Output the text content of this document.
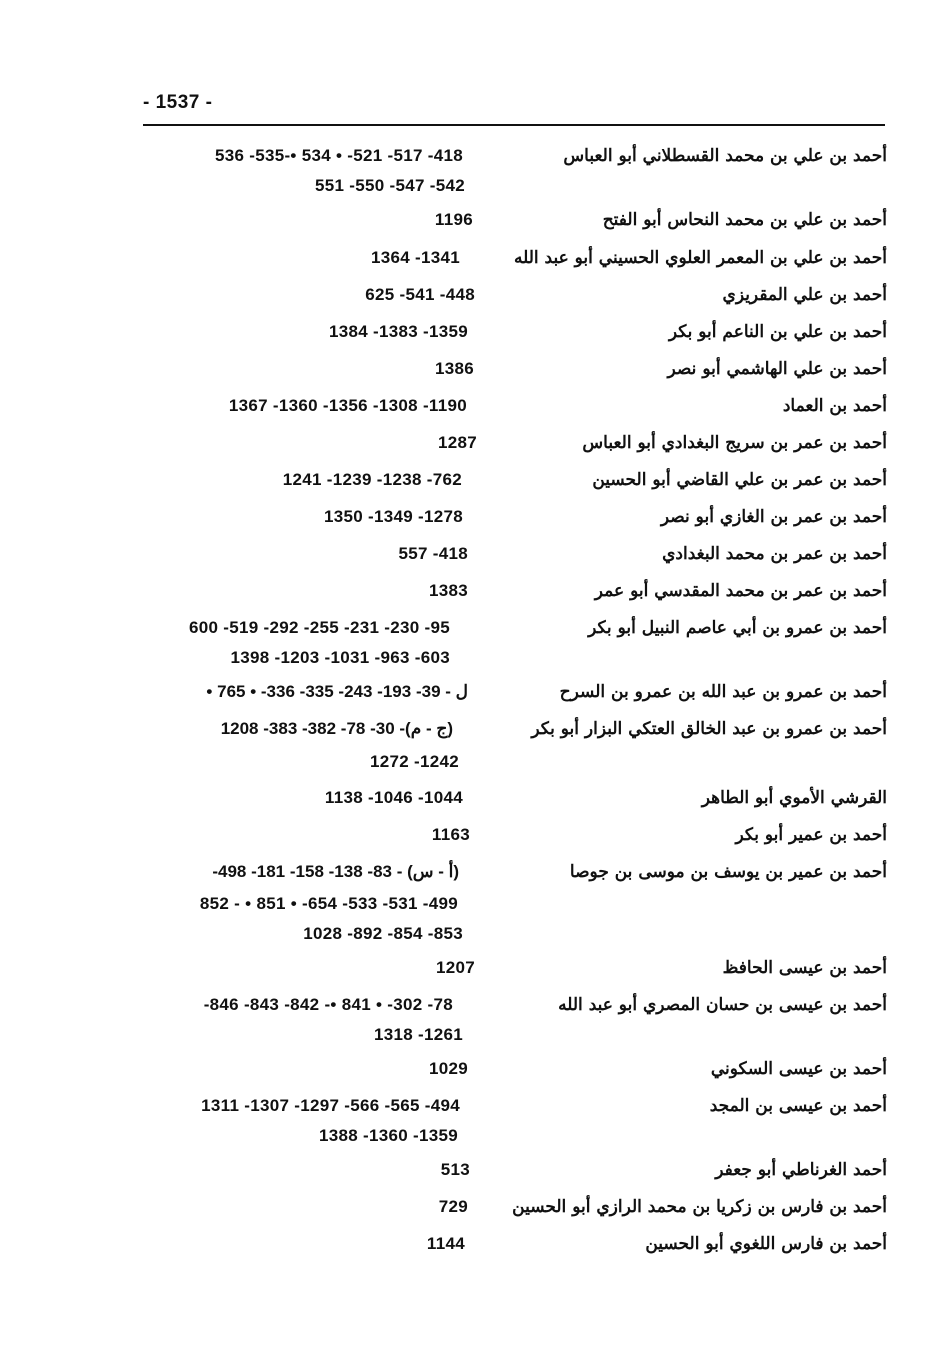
- 1537 -
أحمد بن علي بن محمد القسطلاني أبو العباس
418- 517- 521- • 534 •-535- 536
542- 547- 550- 551
أحمد بن علي بن محمد النحاس أبو الفتح
1196
أحمد بن علي بن المعمر العلوي الحسيني أبو عبد الله
1341- 1364
أحمد بن علي المقريزي
448- 541- 625
أحمد بن علي بن الناعم أبو بكر
1359- 1383- 1384
أحمد بن علي الهاشمي أبو نصر
1386
أحمد بن العماد
1190- 1308- 1356- 1360- 1367
أحمد بن عمر بن سريج البغدادي أبو العباس
1287
أحمد بن عمر بن علي القاضي أبو الحسين
762- 1238- 1239- 1241
أحمد بن عمر بن الغازي أبو نصر
1278- 1349- 1350
أحمد بن عمر بن محمد البغدادي
418- 557
أحمد بن عمر بن محمد المقدسي أبو عمر
1383
أحمد بن عمرو بن أبي عاصم النبيل أبو بكر
95- 230- 231- 255- 292- 519- 600
603- 963- 1031- 1203- 1398
أحمد بن عمرو بن عبد الله بن عمرو بن السرح
ل - 39- 193- 243- 335- 336- • 765 •
أحمد بن عمرو بن عبد الخالق العتكي البزار أبو بكر
(ج - م)- 30- 78- 382- 383- 1208
1242- 1272
القرشي الأموي أبو الطاهر
1044- 1046- 1138
أحمد بن عمير أبو بكر
1163
أحمد بن عمير بن يوسف بن موسى بن جوصا
(أ - س) - 83- 138- 158- 181- 498-
499- 531- 533- 654- • 851 • - 852
853- 854- 892- 1028
أحمد بن عيسى الحافظ
1207
أحمد بن عيسى بن حسان المصري أبو عبد الله
78- 302- • 841 •- 842- 843- 846-
1261- 1318
أحمد بن عيسى السكوني
1029
أحمد بن عيسى بن المجد
494- 565- 566- 1297- 1307- 1311
1359- 1360- 1388
أحمد الغرناطي أبو جعفر
513
أحمد بن فارس بن زكريا بن محمد الرازي أبو الحسين
729
أحمد بن فارس اللغوي أبو الحسين
1144
